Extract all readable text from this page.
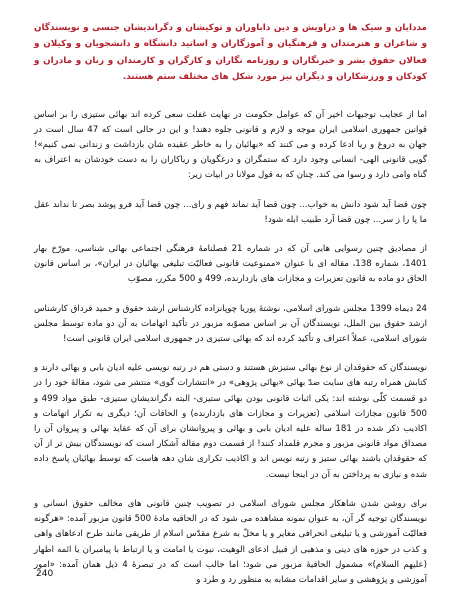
مددایان و سیک ها و دراویش و دین داباوران و توکیشان و دگراندیشان جنسی و نویسندگان و شاعران و هنرمندان و فرهنگیان و آموزگاران و اساتید دانشگاه و دانشجویان و وکیلان و فعالان حقوق بشر و خبرنگاران و روزنامه نگاران و کارگران و کارمندان و زنان و مادران و کودکان و ورزشکاران و دیگران نیز مورد شکل های مختلف ستم هستند.

اما از عجایب توجیهات اخیر آن که عوامل حکومت در نهایت غفلت سعی کرده اند بهائی ستیزی را بر اساس قوانین جمهوری اسلامی ایران موجه و لازم و قانونی جلوه دهند! و این در حالی است که 47 سال است در جهان به دروغ و ریا ادعا کرده و می کنند که «بهائیان را به خاطر عقیده شان بازداشت و زندانی نمی کنیم»! گویی قانونی الهی- انسانی وجود دارد که ستمگران و درغگویان و ریاکاران را به دست خودشان به اعتراف به گناه وامی دارد و رسوا می کند. چنان که به قول مولانا در ابیات زیر:

چون قضا آید شود دانش به خواب... چون قضا آید نماند فهم و رای... چون قضا آید فرو پوشد بصر تا نداند عقل ما پا را ز سر... چون قضا آرد طبیب ابله شود!

از مصادیق چنین رسوایی هایی آن که در شماره 21 فصلنامهٔ فرهنگی اجتماعی بهائی شناسی، مورّخ بهار 1401، شماره 138، مقاله ای با عنوان «ممنوعیت قانونی فعالیّت تبلیغی بهائیان در ایران»، بر اساس قانون الحاق دو ماده به قانون تعزیرات و مجازات های بازدارنده، 499 و 500 مکرر، مصوّب

24 دیماه 1399 مجلس شورای اسلامی، نوشتهٔ پوریا چوپانزاده کارشناس ارشد حقوق و حمید قرداق کارشناس ارشد حقوق بین الملل، نویسندگان آن بر اساس مصوّبه مزبور در تأکید اتهامات به آن دو ماده توسط مجلس شورای اسلامی، عملاً اعتراف و تأکید کرده اند که بهائی ستیزی در جمهوری اسلامی ایران قانونی است!

نویسندگان که حقوقدان از نوع بهائی ستیزش هستند و دستی هم در رتبه نویسی علیه ادیان بابی و بهائی دارند و کتابش همراه رتبه های سایت ضدّ بهائی «بهائی پژوهی» در «انتشارات گوی» منتشر می شود، مقالهٔ خود را در دو قسمت کلّی نوشته اند: یکی اثبات قانونی بودن بهائی ستیزی- البته دگراندیشان ستیزی- طبق مواد 499 و 500 قانون مجازات اسلامی (تعزیرات و مجازات های بازدارنده) و الحاقات آن؛ دیگری به تکرار اتهامات و اکاذیب ذکر شده در 181 ساله علیه ادیان بابی و بهائی و پیروانشان برای آن که عقاید بهائی و پیروان آن را مصداق مواد قانونی مزبور و مجرم قلمداد کنند! از قسمت دوم مقاله آشکار است که نویسندگان بیش تر از آن که حقوقدان باشند بهائی ستیز و رتبه نویس اند و اکاذیب تکراری شان دهه هاست که توسط بهائیان پاسخ داده شده و نیازی به پرداختن به آن در اینجا نیست.

برای روشن شدن شاهکار مجلس شورای اسلامی در تصویب چنین قانونی های مخالف حقوق انسانی و نویسندگان توجیه گر آن، به عنوان نمونه مشاهده می شود که در الحاقیه مادهٔ 500 قانون مزبور آمده: «هرگونه فعالیّت آموزشی و یا تبلیغی انحرافی مغایر و یا مخلّ به شرع مقدّس اسلام از طریقی مانند طرح ادعاهای واهی و کذب در حوزه های دینی و مذهبی از قبیل ادعای الوهیت، نبوت یا امامت و یا ارتباط با پیامبران یا ائمه اطهار (علیهم السلام)» مشمول الحاقیهٔ مزبور می شود؛ اما جالب است که در تبصرهٔ 4 ذیل همان آمده: «امور آموزشی و پژوهشی و سایر اقدامات مشابه به منظور رد و طرد و

240
